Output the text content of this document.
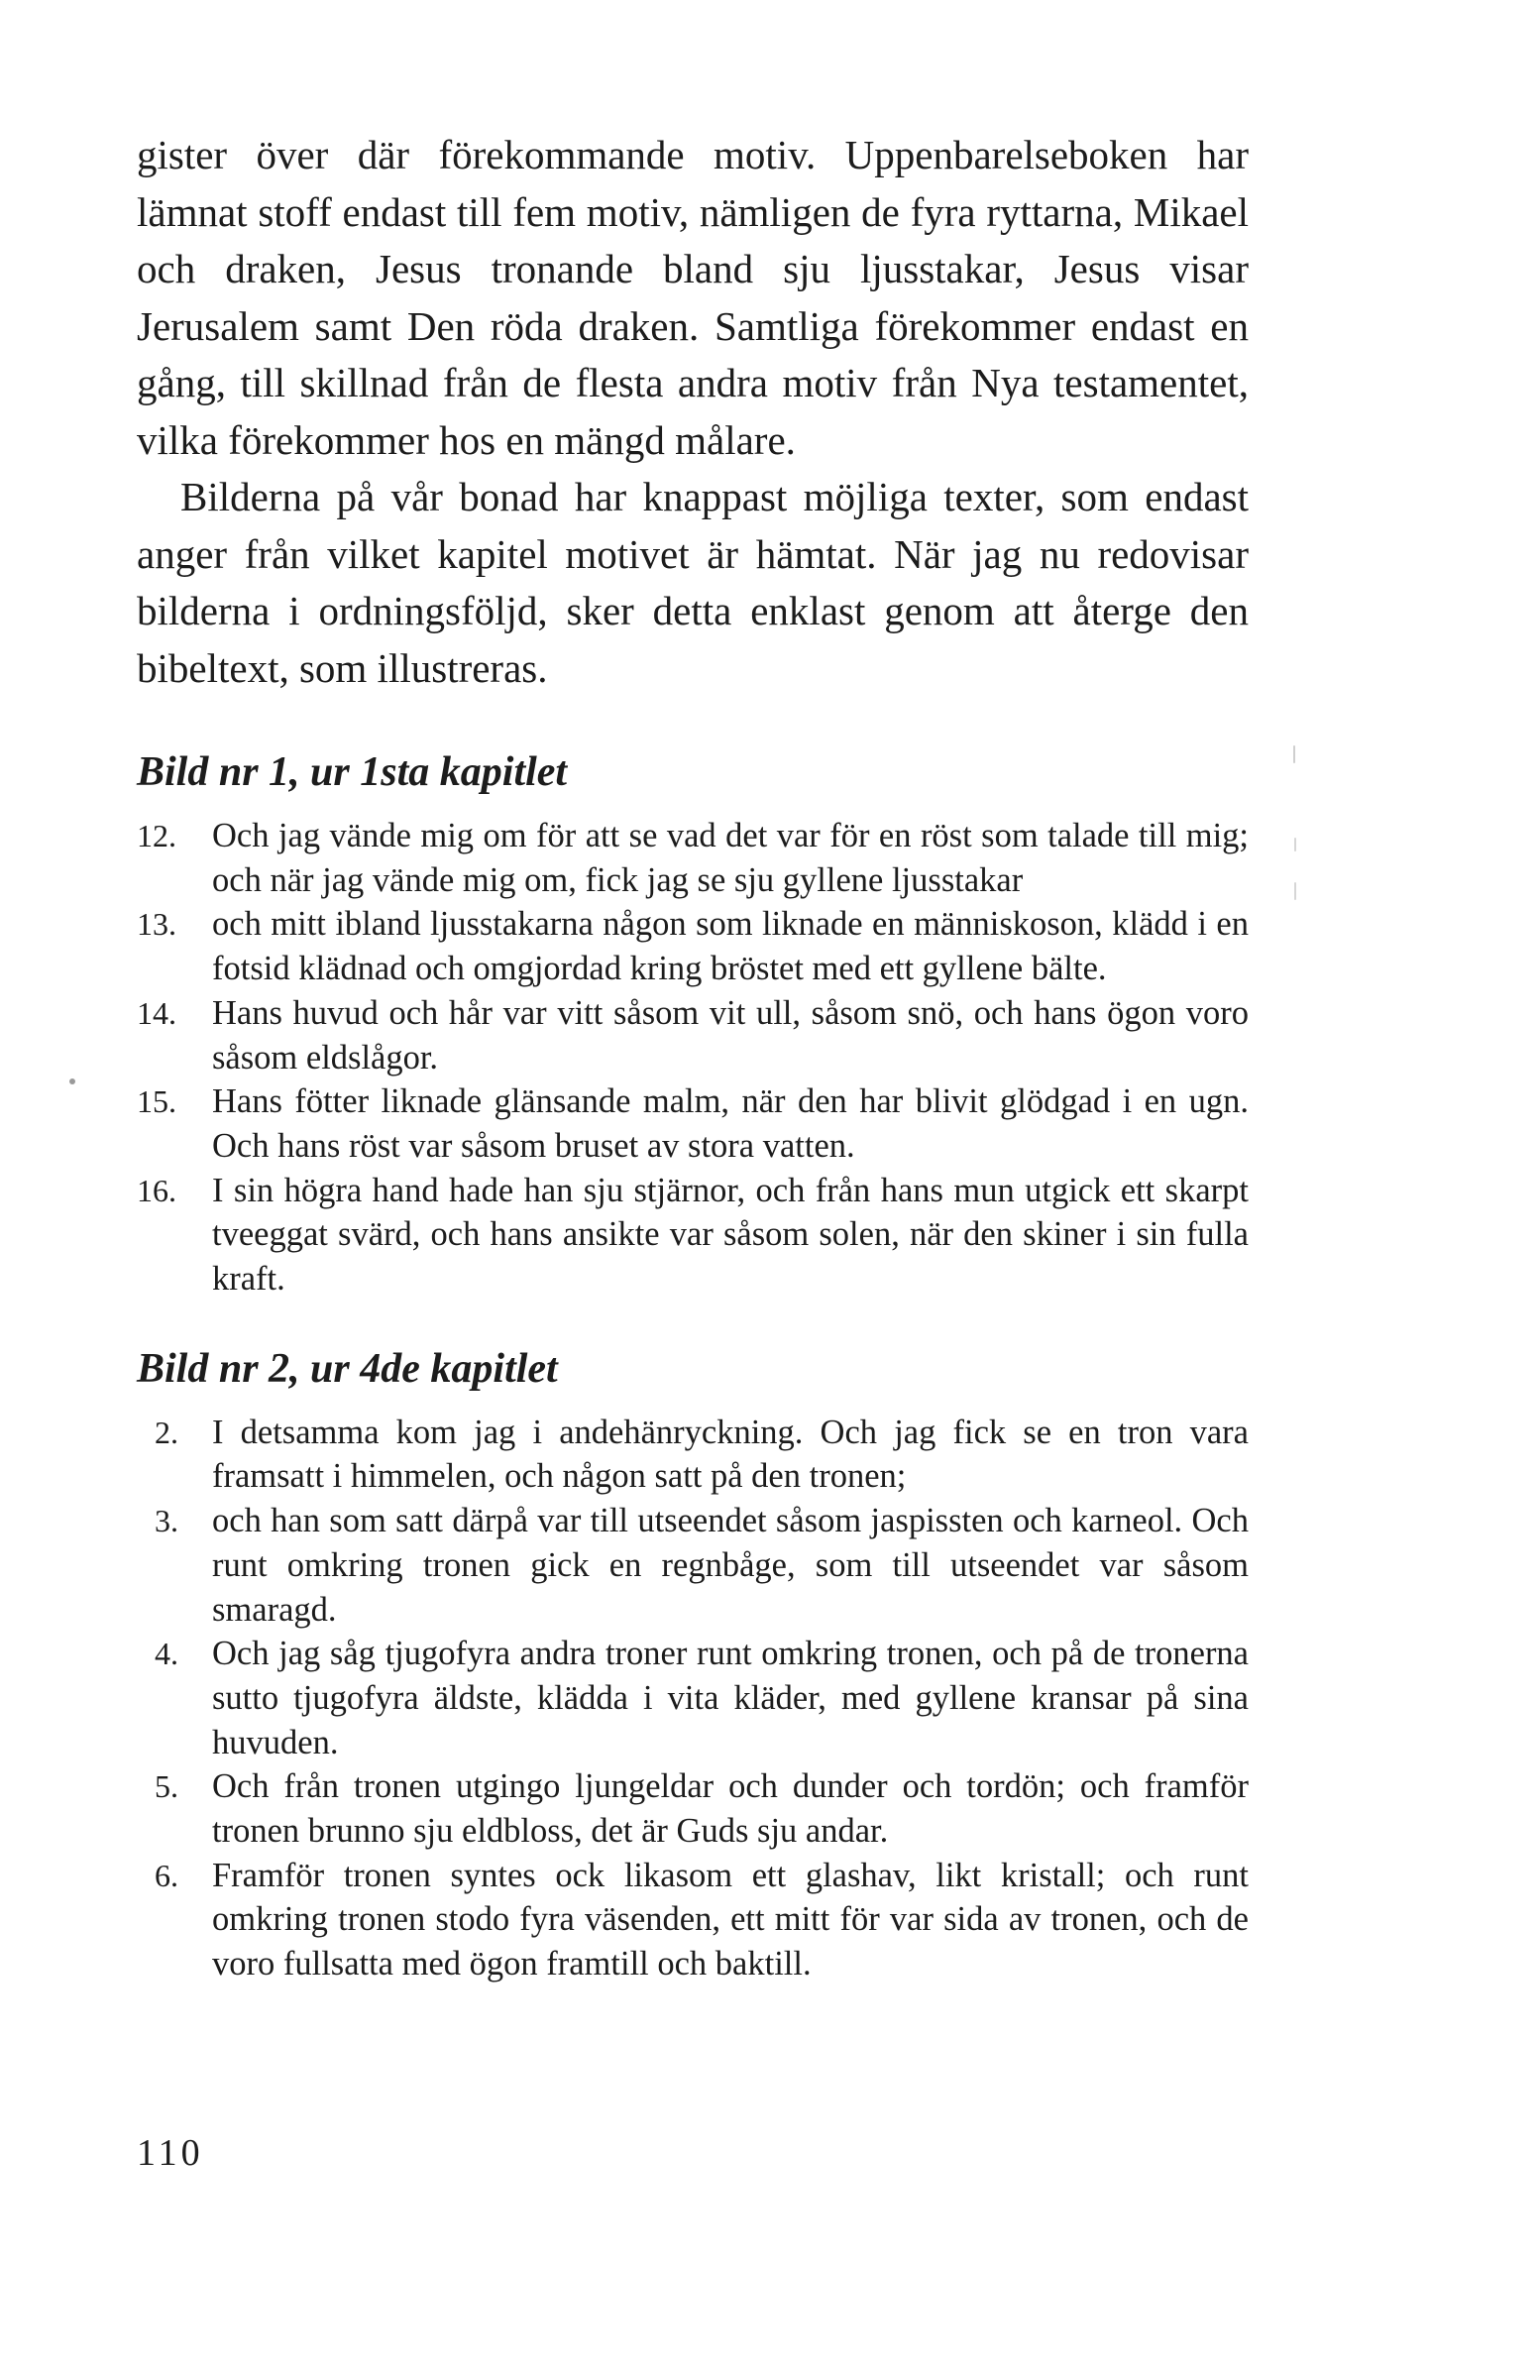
gister över där förekommande motiv. Uppenbarelseboken har lämnat stoff endast till fem motiv, nämligen de fyra ryttarna, Mikael och draken, Jesus tronande bland sju ljusstakar, Jesus visar Jerusalem samt Den röda draken. Samtliga förekommer endast en gång, till skillnad från de flesta andra motiv från Nya testamentet, vilka förekommer hos en mängd målare.

Bilderna på vår bonad har knappast möjliga texter, som endast anger från vilket kapitel motivet är hämtat. När jag nu redovisar bilderna i ordningsföljd, sker detta enklast genom att återge den bibeltext, som illustreras.

Bild nr 1, ur 1sta kapitlet
12.	Och jag vände mig om för att se vad det var för en röst som talade till mig; och när jag vände mig om, fick jag se sju gyllene ljusstakar
13.	och mitt ibland ljusstakarna någon som liknade en människoson, klädd i en fotsid klädnad och omgjordad kring bröstet med ett gyllene bälte.
14.	Hans huvud och hår var vitt såsom vit ull, såsom snö, och hans ögon voro såsom eldslågor.
15.	Hans fötter liknade glänsande malm, när den har blivit glödgad i en ugn. Och hans röst var såsom bruset av stora vatten.
16.	I sin högra hand hade han sju stjärnor, och från hans mun utgick ett skarpt tveeggat svärd, och hans ansikte var såsom solen, när den skiner i sin fulla kraft.
Bild nr 2, ur 4de kapitlet
2. I detsamma kom jag i andehänryckning. Och jag fick se en tron vara framsatt i himmelen, och någon satt på den tronen;
3. och han som satt därpå var till utseendet såsom jaspissten och karneol. Och runt omkring tronen gick en regnbåge, som till utseendet var såsom smaragd.
4. Och jag såg tjugofyra andra troner runt omkring tronen, och på de tronerna sutto tjugofyra äldste, klädda i vita kläder, med gyllene kransar på sina huvuden.
5. Och från tronen utgingo ljungeldar och dunder och tordön; och framför tronen brunno sju eldbloss, det är Guds sju andar.
6. Framför tronen syntes ock likasom ett glashav, likt kristall; och runt omkring tronen stodo fyra väsenden, ett mitt för var sida av tronen, och de voro fullsatta med ögon framtill och baktill.
110
